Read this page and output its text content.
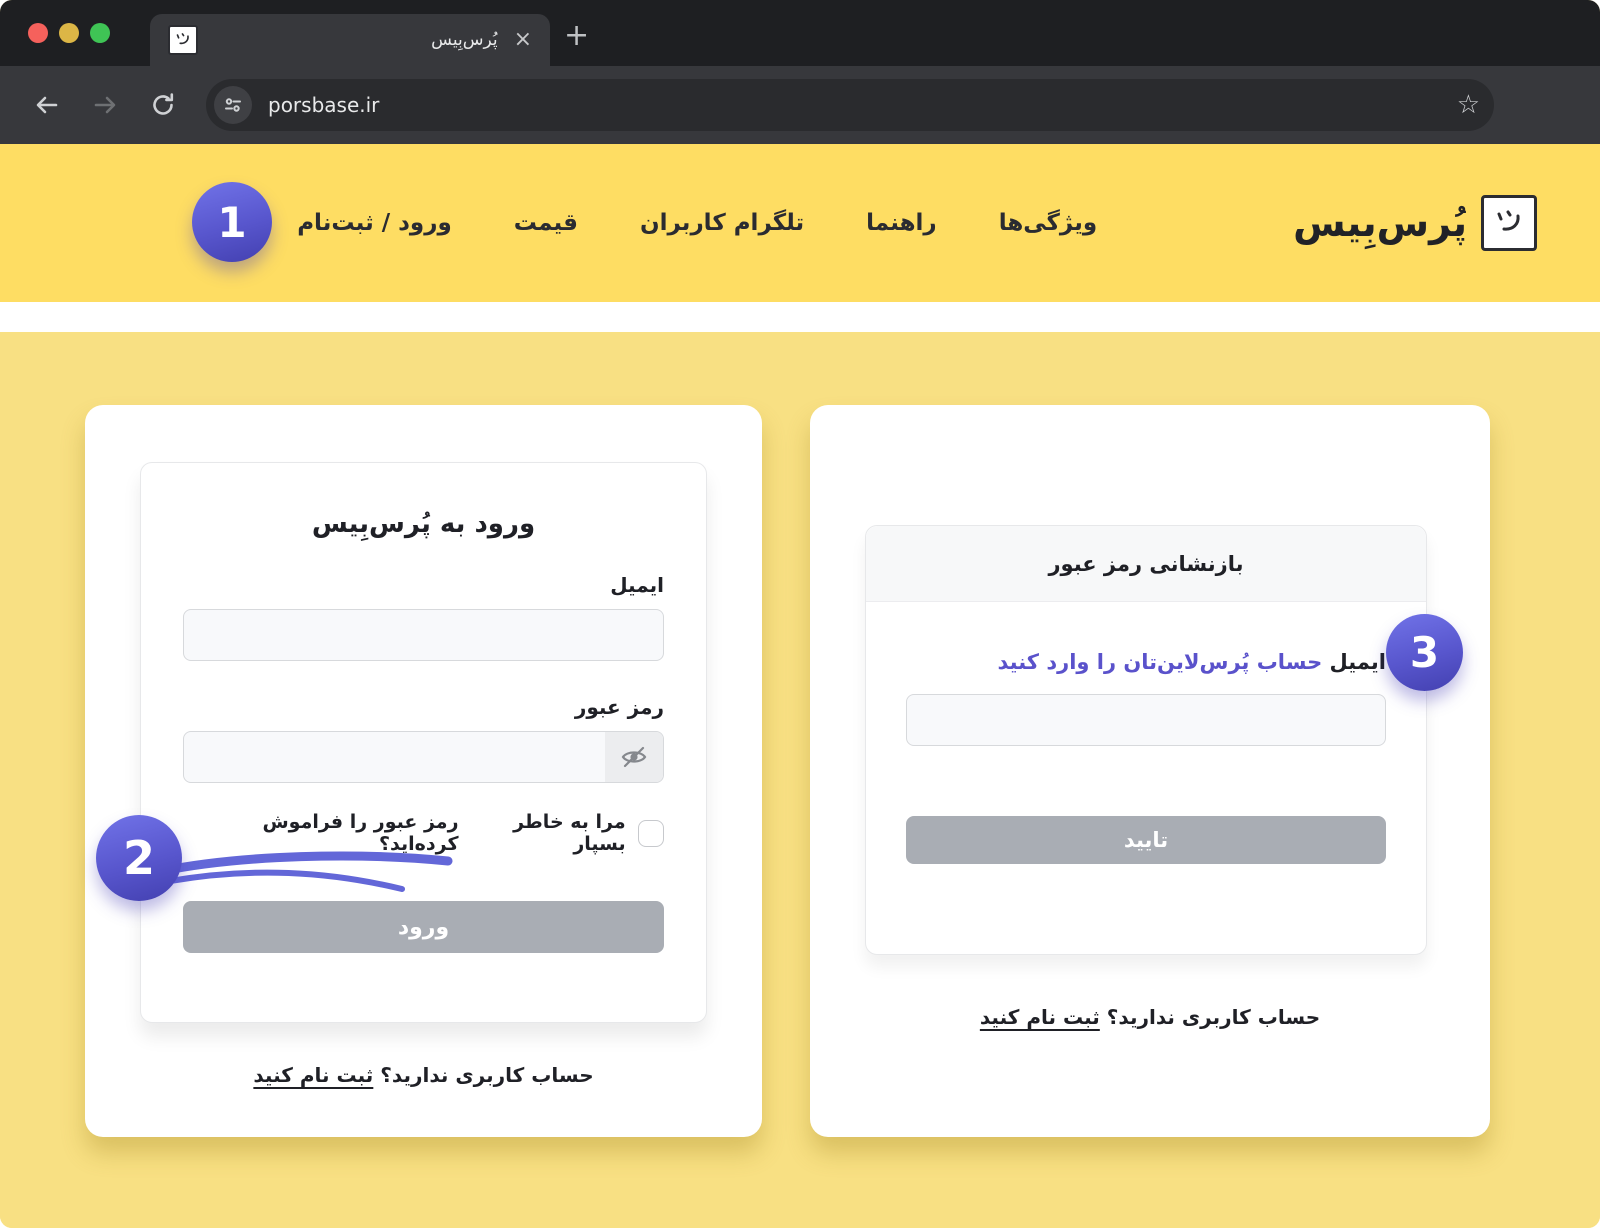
پُرس‌بِیس × +
porsbase.ir	☆
پُرس‌بِیس
ویژگی‌ها
راهنما
تلگرام کاربران
قیمت
ورود / ثبت‌نام
ورود به پُرس‌بِیس
ایمیل
رمز عبور
مرا به خاطر بسپار
رمز عبور را فراموش کرده‌اید؟
ورود
حساب کاربری ندارید؟ ثبت نام کنید
بازنشانی رمز عبور
ایمیل حساب پُرس‌لاین‌تان را وارد کنید
تایید
حساب کاربری ندارید؟ ثبت نام کنید
1
2
3
